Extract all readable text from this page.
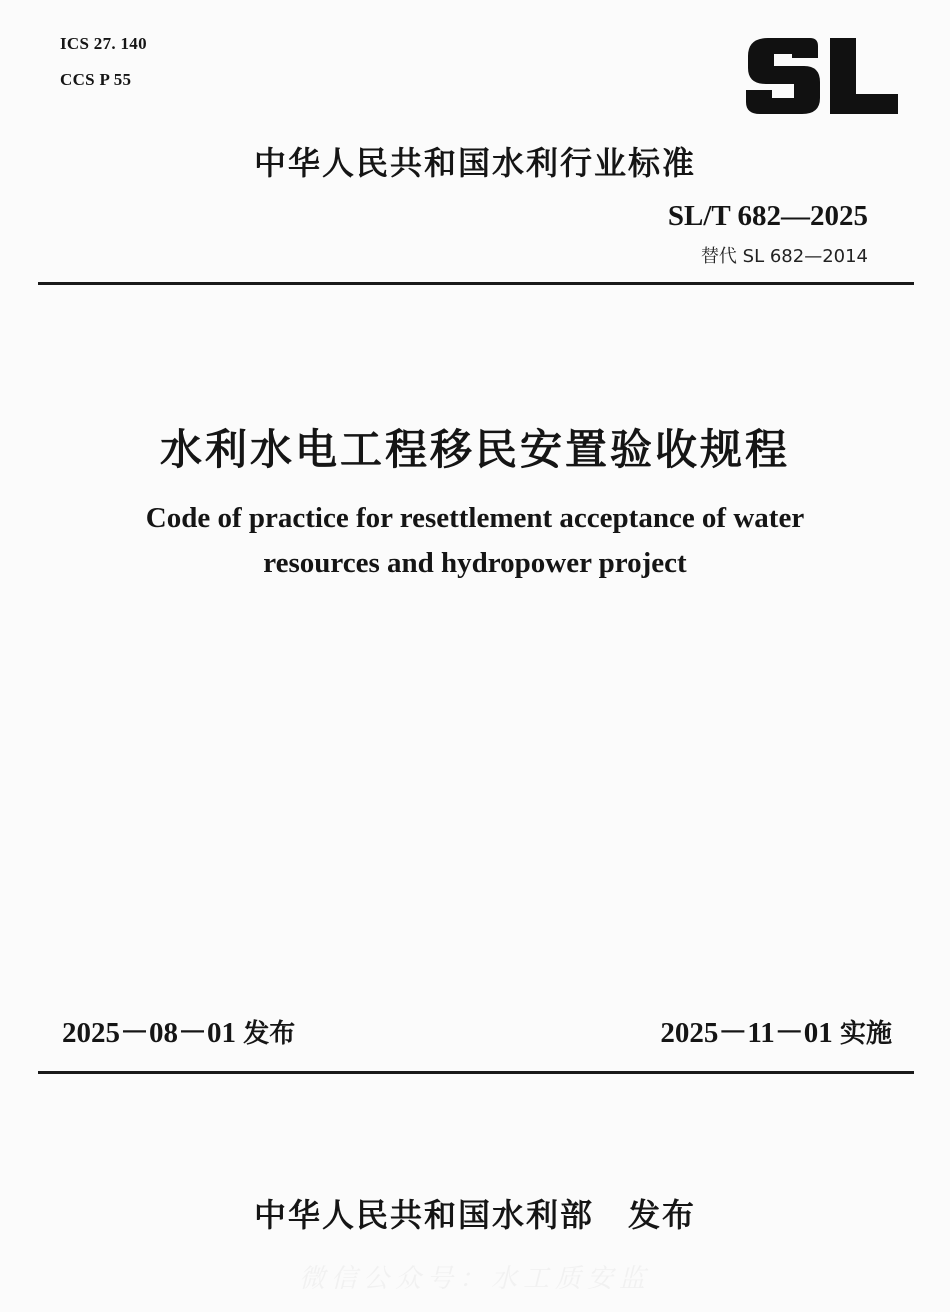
ICS 27. 140
CCS P 55
中华人民共和国水利行业标准
SL/T 682—2025
替代 SL 682—2014
水利水电工程移民安置验收规程
Code of practice for resettlement acceptance of water
resources and hydropower project
2025－08－01 发布	2025－11－01 实施
中华人民共和国水利部　发布
微信公众号：水工质安监
